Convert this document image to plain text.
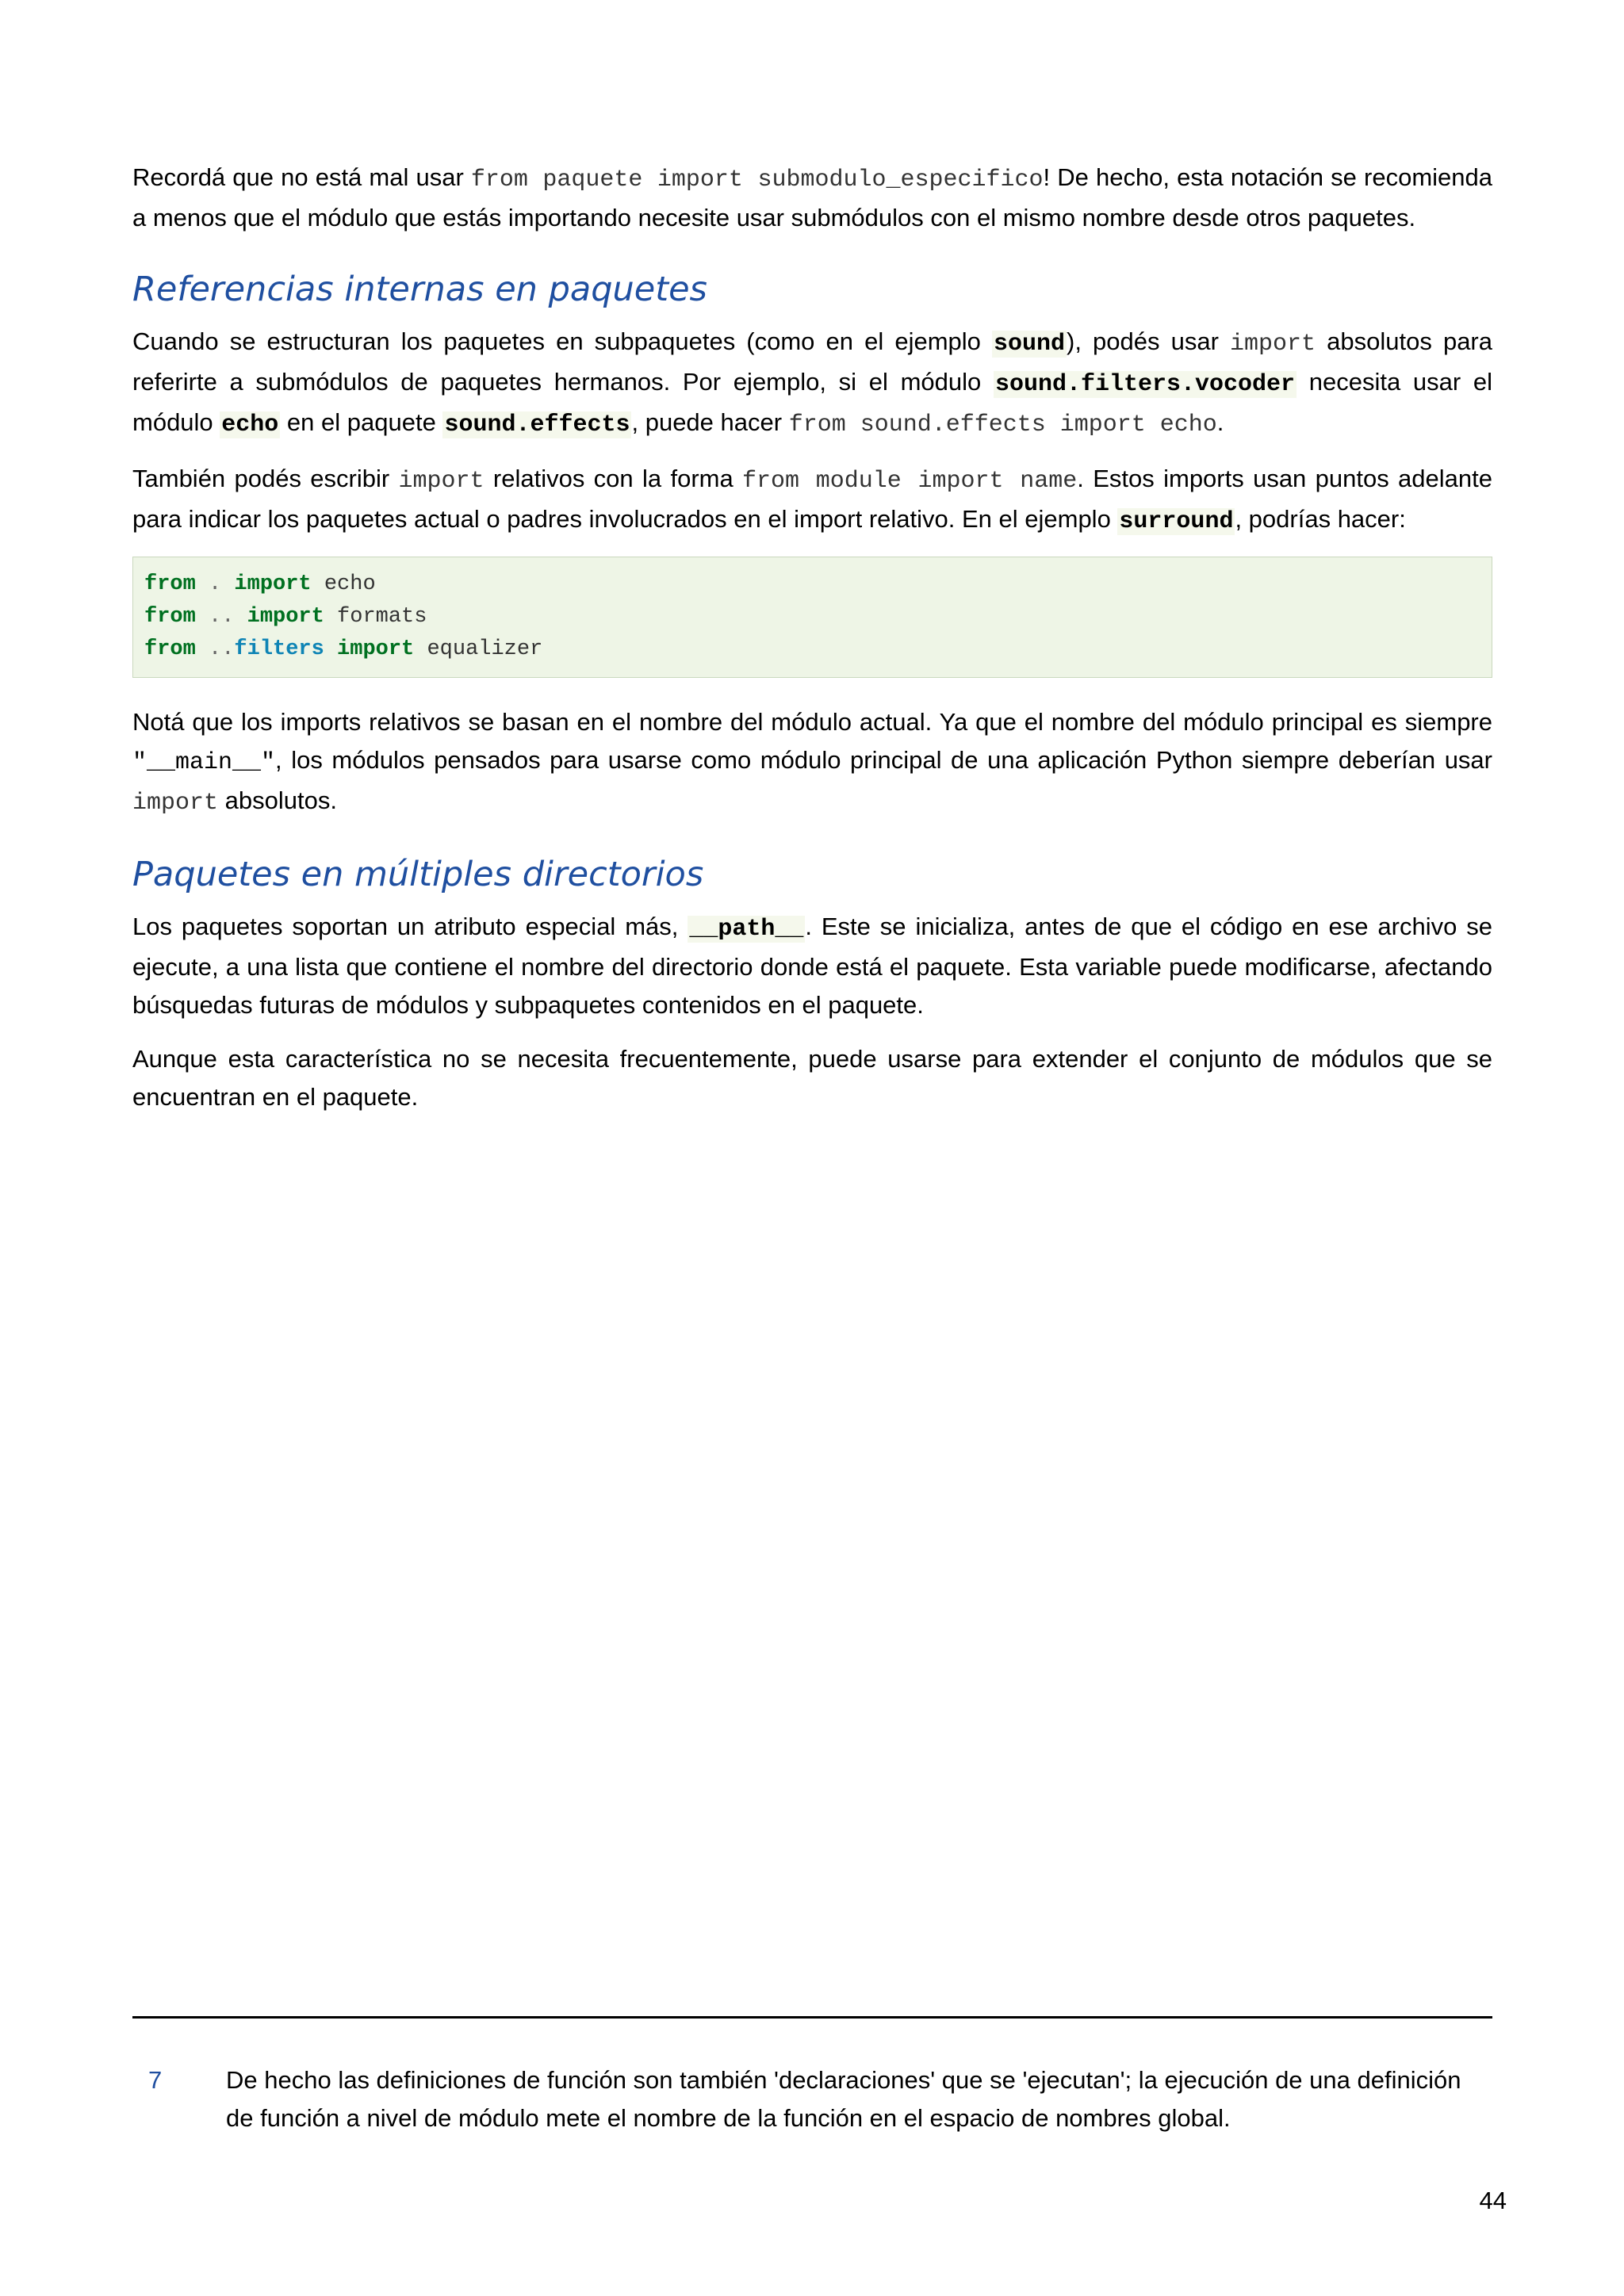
Recordá que no está mal usar from paquete import submodulo_especifico! De hecho, esta notación se recomienda a menos que el módulo que estás importando necesite usar submódulos con el mismo nombre desde otros paquetes.

Referencias internas en paquetes

Cuando se estructuran los paquetes en subpaquetes (como en el ejemplo sound), podés usar import absolutos para referirte a submódulos de paquetes hermanos. Por ejemplo, si el módulo sound.filters.vocoder necesita usar el módulo echo en el paquete sound.effects, puede hacer from sound.effects import echo.

También podés escribir import relativos con la forma from module import name. Estos imports usan puntos adelante para indicar los paquetes actual o padres involucrados en el import relativo. En el ejemplo surround, podrías hacer:

from . import echo
from .. import formats
from ..filters import equalizer

Notá que los imports relativos se basan en el nombre del módulo actual. Ya que el nombre del módulo principal es siempre "__main__", los módulos pensados para usarse como módulo principal de una aplicación Python siempre deberían usar import absolutos.

Paquetes en múltiples directorios

Los paquetes soportan un atributo especial más, __path__. Este se inicializa, antes de que el código en ese archivo se ejecute, a una lista que contiene el nombre del directorio donde está el paquete. Esta variable puede modificarse, afectando búsquedas futuras de módulos y subpaquetes contenidos en el paquete.

Aunque esta característica no se necesita frecuentemente, puede usarse para extender el conjunto de módulos que se encuentran en el paquete.

7	De hecho las definiciones de función son también 'declaraciones' que se 'ejecutan'; la ejecución de una definición de función a nivel de módulo mete el nombre de la función en el espacio de nombres global.
44
